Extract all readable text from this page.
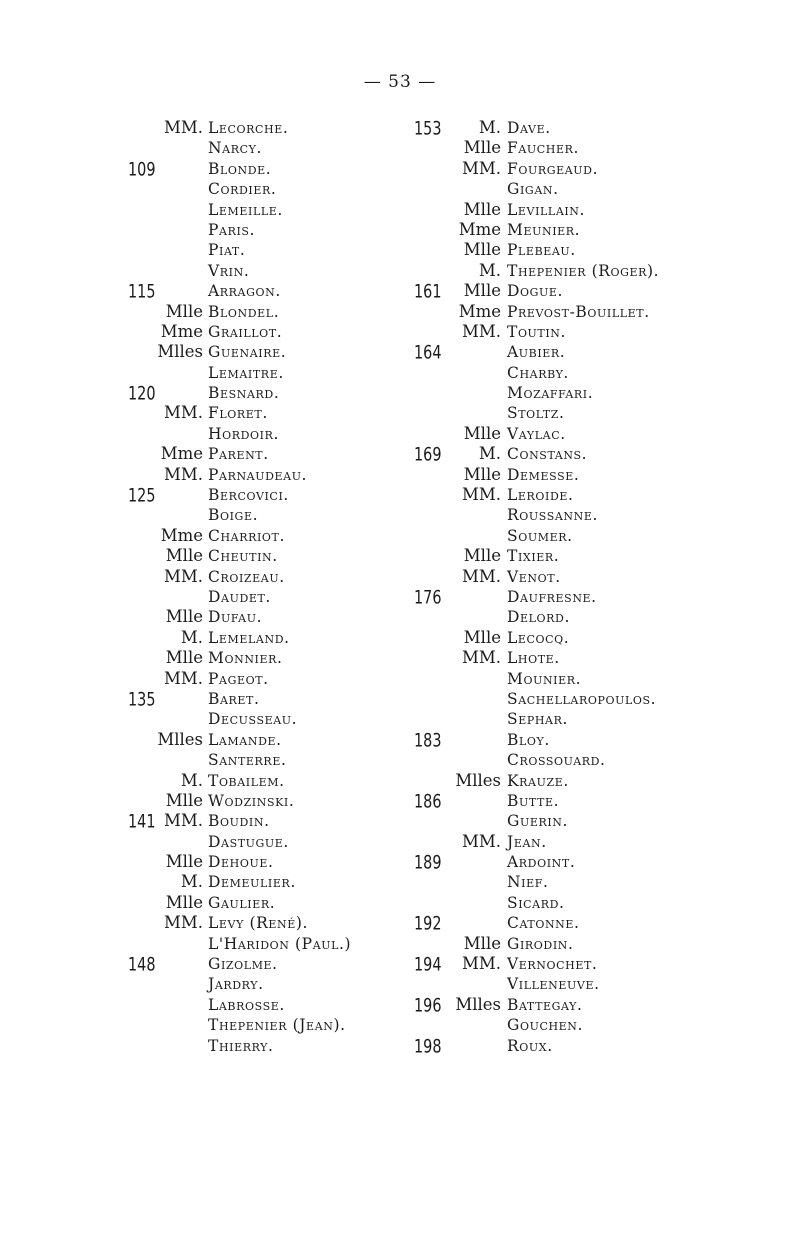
— 53 —
MM. Lecorche.
Narcy.
109	Blonde.
Cordier.
Lemeille.
Paris.
Piat.
Vrin.
115	Arragon.
Mlle Blondel.
Mme Graillot.
Mlles Guenaire.
Lemaitre.
120	Besnard.
MM. Floret.
Hordoir.
Mme Parent.
MM. Parnaudeau.
125	Bercovici.
Boige.
Mme Charriot.
Mlle Cheutin.
MM. Croizeau.
Daudet.
Mlle Dufau.
M. Lemeland.
Mlle Monnier.
MM. Pageot.
135	Baret.
Decusseau.
Mlles Lamande.
Santerre.
M. Tobailem.
Mlle Wodzinski.
141 MM. Boudin.
Dastugue.
Mlle Dehoue.
M. Demeulier.
Mlle Gaulier.
MM. Levy (René).
L'Haridon (Paul.)
148	Gizolme.
Jardry.
Labrosse.
Thepenier (Jean).
Thierry.
153 M. Dave.
Mlle Faucher.
MM. Fourgeaud.
Gigan.
Mlle Levillain.
Mme Meunier.
Mlle Plebeau.
M. Thepenier (Roger).
161 Mlle Dogue.
Mme Prevost-Bouillet.
MM. Toutin.
164	Aubier.
Charby.
Mozaffari.
Stoltz.
Mlle Vaylac.
169 M. Constans.
Mlle Demesse.
MM. Leroide.
Roussanne.
Soumer.
Mlle Tixier.
MM. Venot.
176	Daufresne.
Delord.
Mlle Lecocq.
MM. Lhote.
Mounier.
Sachellaropoulos.
Sephar.
183	Bloy.
Crossouard.
Mlles Krauze.
186	Butte.
Guerin.
MM. Jean.
189	Ardoint.
Nief.
Sicard.
192	Catonne.
Mlle Girodin.
194 MM. Vernochet.
Villeneuve.
196 Mlles Battegay.
Gouchen.
198	Roux.
